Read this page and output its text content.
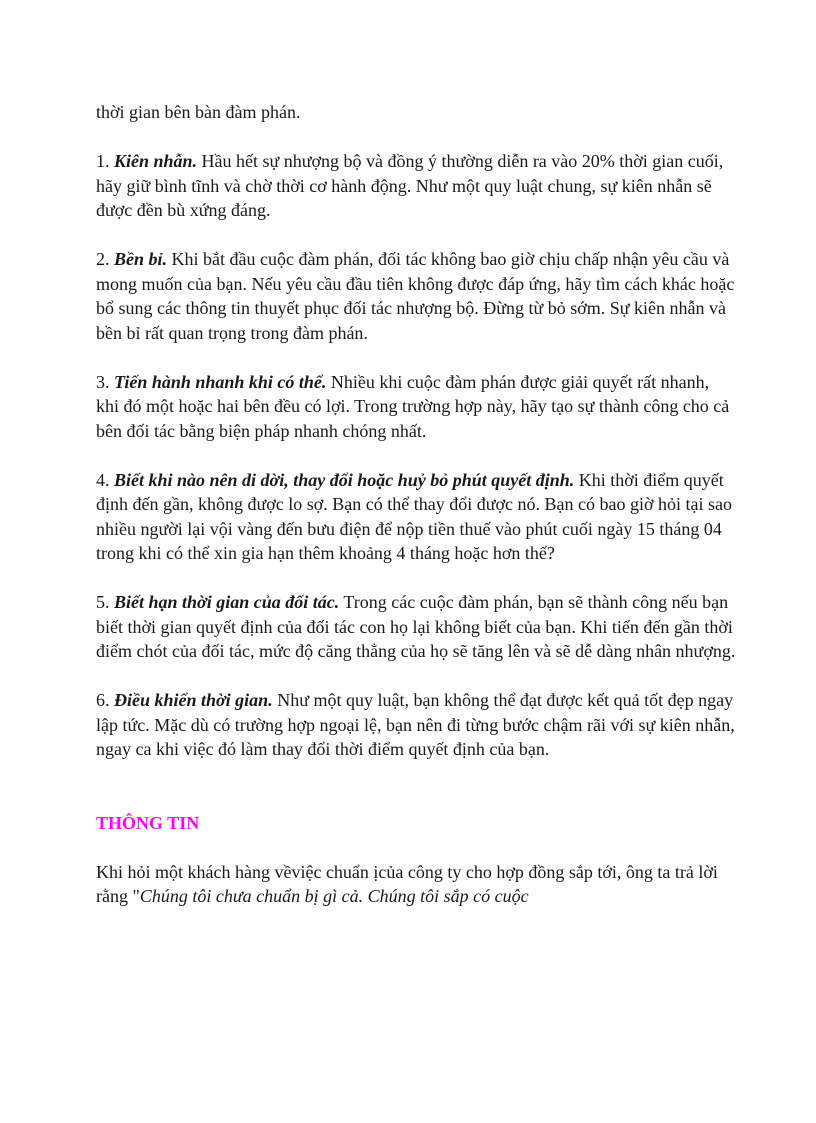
thời gian bên bàn đàm phán.

1. Kiên nhẫn. Hầu hết sự nhượng bộ và đồng ý thường diễn ra vào 20% thời gian cuối, hãy giữ bình tĩnh và chờ thời cơ hành động. Như một quy luật chung, sự kiên nhẫn sẽ được đền bù xứng đáng.

2. Bền bỉ. Khi bắt đầu cuộc đàm phán, đối tác không bao giờ chịu chấp nhận yêu cầu và mong muốn của bạn. Nếu yêu cầu đầu tiên không được đáp ứng, hãy tìm cách khác hoặc bổ sung các thông tin thuyết phục đối tác nhượng bộ. Đừng từ bỏ sớm. Sự kiên nhẫn và bền bỉ rất quan trọng trong đàm phán.

3. Tiến hành nhanh khi có thể. Nhiều khi cuộc đàm phán được giải quyết rất nhanh, khi đó một hoặc hai bên đều có lợi. Trong trường hợp này, hãy tạo sự thành công cho cả bên đối tác bằng biện pháp nhanh chóng nhất.

4. Biết khi nào nên di dời, thay đổi hoặc huỷ bỏ phút quyết định. Khi thời điểm quyết định đến gần, không được lo sợ. Bạn có thể thay đổi được nó. Bạn có bao giờ hỏi tại sao nhiều người lại vội vàng đến bưu điện để nộp tiền thuế vào phút cuối ngày 15 tháng 04 trong khi có thể xin gia hạn thêm khoảng 4 tháng hoặc hơn thế?

5. Biết hạn thời gian của đối tác. Trong các cuộc đàm phán, bạn sẽ thành công nếu bạn biết thời gian quyết định của đối tác con họ lại không biết của bạn. Khi tiến đến gần thời điểm chót của đối tác, mức độ căng thẳng của họ sẽ tăng lên và sẽ dễ dàng nhân nhượng.

6. Điều khiển thời gian. Như một quy luật, bạn không thể đạt được kết quả tốt đẹp ngay lập tức. Mặc dù có trường hợp ngoại lệ, bạn nên đi từng bước chậm rãi với sự kiên nhẫn, ngay ca khi việc đó làm thay đổi thời điểm quyết định của bạn.

THÔNG TIN

Khi hỏi một khách hàng vềviệc chuẩn ịcủa công ty cho hợp đồng sắp tới, ông ta trả lời rằng "Chúng tôi chưa chuẩn bị gì cả. Chúng tôi sắp có cuộc
